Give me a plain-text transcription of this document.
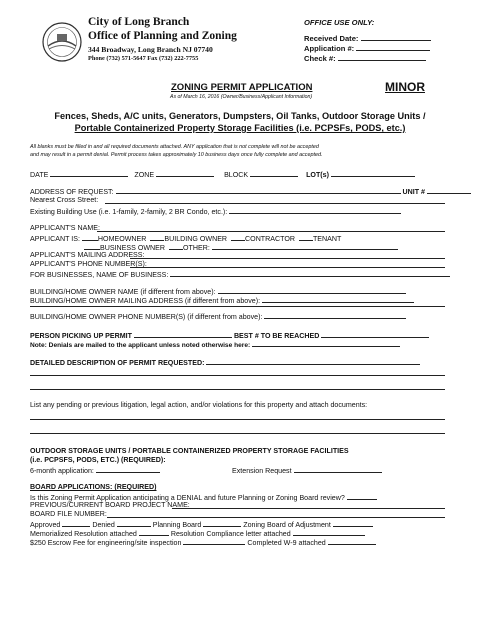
City of Long Branch
Office of Planning and Zoning
344 Broadway, Long Branch NJ 07740
Phone (732) 571-5647 Fax (732) 222-7755
OFFICE USE ONLY:
Received Date:
Application #:
Check #:
ZONING PERMIT APPLICATION	MINOR
As of March 16, 2016 (Owner/Business/Applicant Information)
Fences, Sheds, A/C units, Generators, Dumpsters, Oil Tanks, Outdoor Storage Units /
Portable Containerized Property Storage Facilities (i.e. PCPSFs, PODS, etc.)
All blanks must be filled in and all required documents attached. ANY application that is not complete will not be accepted
and may result in a permit denial. Permit process takes approximately 10 business days once fully complete and accepted.
DATE	ZONE	BLOCK	LOT(s)
ADDRESS OF REQUEST:	UNIT #
Nearest Cross Street:
Existing Building Use (i.e. 1-family, 2-family, 2 BR Condo, etc.):
APPLICANT'S NAME:
APPLICANT IS:	HOMEOWNER	BUILDING OWNER	CONTRACTOR	TENANT
BUSINESS OWNER	OTHER:
APPLICANT'S MAILING ADDRESS:
APPLICANT'S PHONE NUMBER(S):
FOR BUSINESSES, NAME OF BUSINESS:
BUILDING/HOME OWNER NAME (if different from above):
BUILDING/HOME OWNER MAILING ADDRESS (if different from above):
BUILDING/HOME OWNER PHONE NUMBER(S) (if different from above):
PERSON PICKING UP PERMIT	BEST # TO BE REACHED
Note: Denials are mailed to the applicant unless noted otherwise here:
DETAILED DESCRIPTION OF PERMIT REQUESTED:
List any pending or previous litigation, legal action, and/or violations for this property and attach documents:
OUTDOOR STORAGE UNITS / PORTABLE CONTAINERIZED PROPERTY STORAGE FACILITIES
(i.e. PCPSFS, PODS, ETC.) (REQUIRED):
6-month application:	Extension Request
BOARD APPLICATIONS: (REQUIRED)
Is this Zoning Permit Application anticipating a DENIAL and future Planning or Zoning Board review?
PREVIOUS/CURRENT BOARD PROJECT NAME:
BOARD FILE NUMBER:
Approved	Denied	Planning Board	Zoning Board of Adjustment
Memorialized Resolution attached	Resolution Compliance letter attached
$250 Escrow Fee for engineering/site inspection	Completed W-9 attached
